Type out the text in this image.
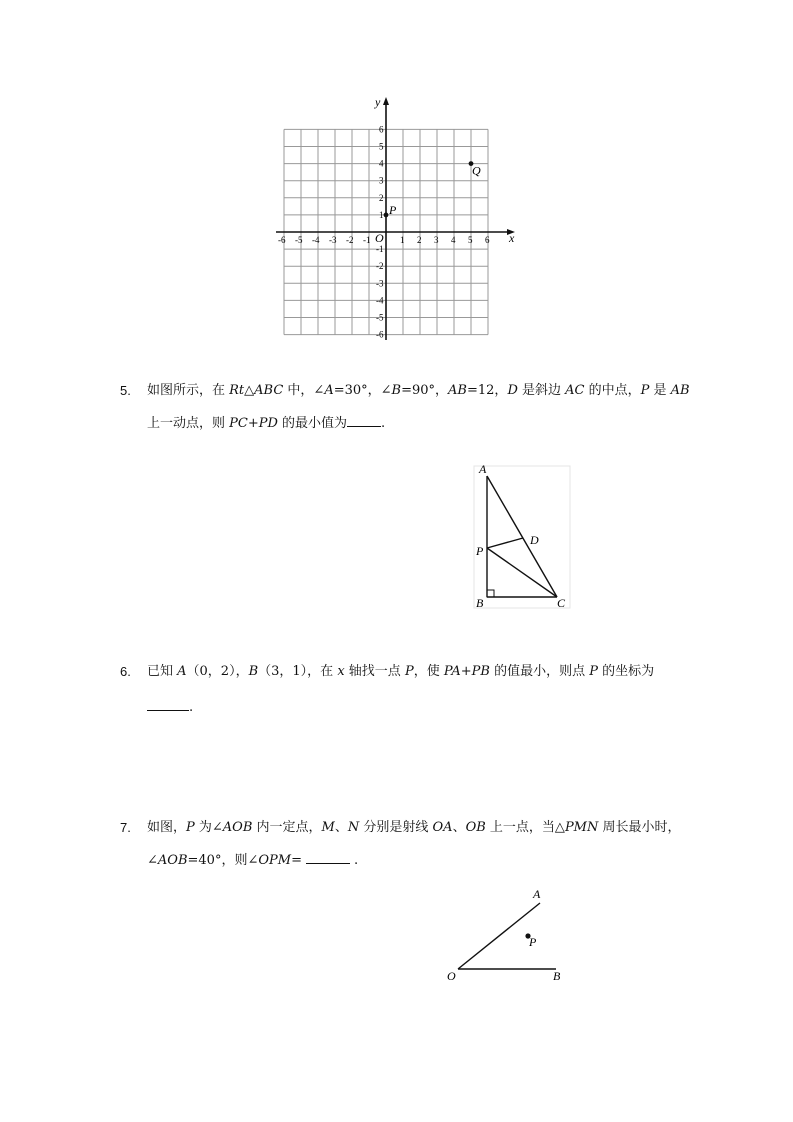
y
x
O
-6 -5 -4 -3 -2 -1	1 2 3 4 5 6
6
5
4
3
2
1
-1
-2
-3
-4
-5
-6
P
Q
5. 如图所示，在 Rt△ABC 中，∠A=30°，∠B=90°，AB=12，D 是斜边 AC 的中点，P 是 AB
上一动点，则 PC+PD 的最小值为	.
A
B	C
D
P
6. 已知 A（0，2），B（3，1），在 x 轴找一点 P，使 PA+PB 的值最小，则点 P 的坐标为
.
7. 如图，P 为∠AOB 内一定点，M、N 分别是射线 OA、OB 上一点，当△PMN 周长最小时，
∠AOB=40°，则∠OPM=	.
A
O	B
P
